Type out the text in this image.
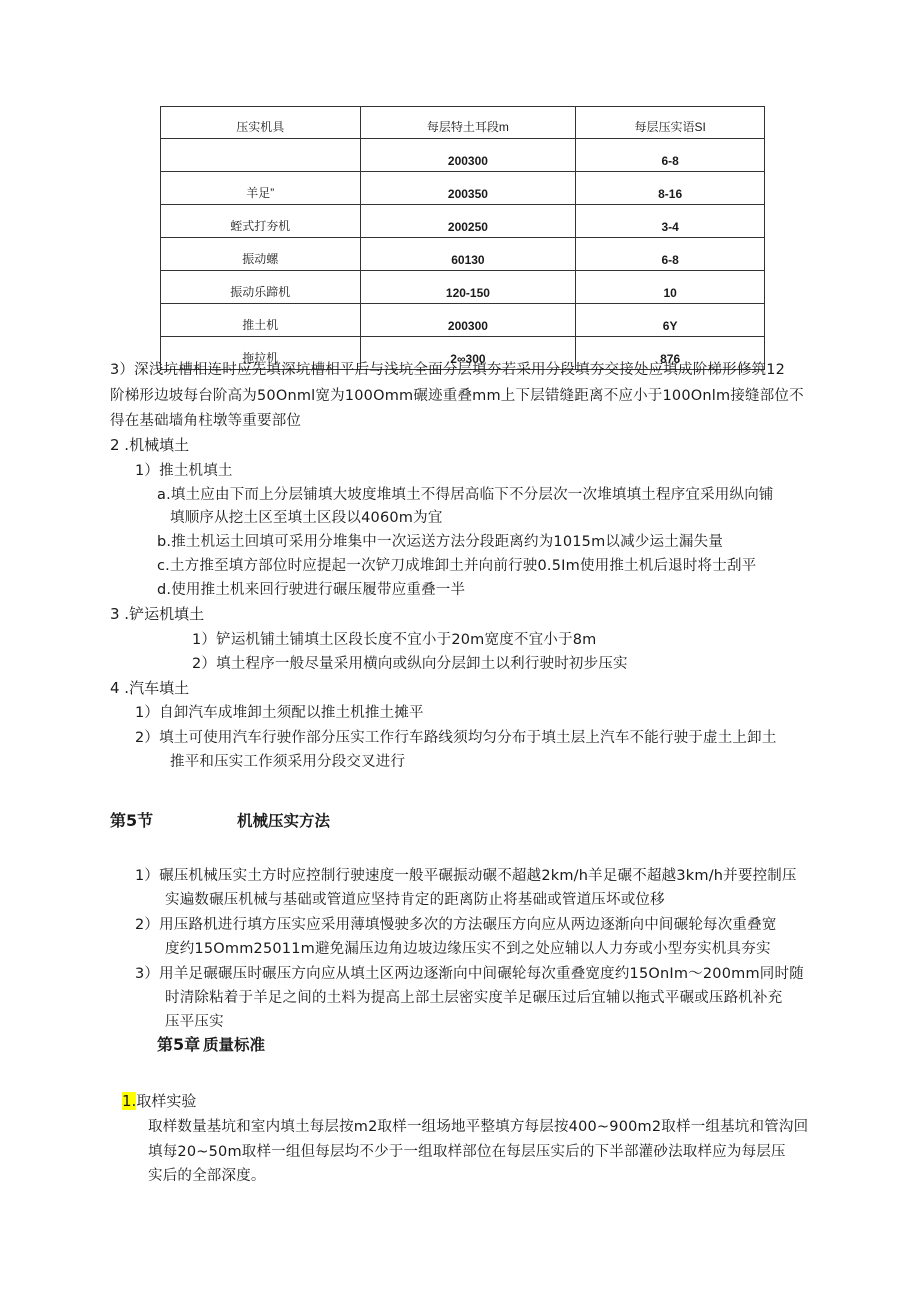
压实机具	每层特土耳段m	每层压实语SI
	200300	6-8
羊足”	200350	8-16
蛭式打夯机	200250	3-4
振动螺	60130	6-8
振动乐蹄机	120-150	10
推土机	200300	6Y
拖拉机	2∞300	876
3）深浅坑槽相连时应先填深坑槽相平后与浅坑全面分层填夯若采用分段填夯交接处应填成阶梯形修筑12
阶梯形边坡每台阶高为50Onml宽为100Omm碾迹重叠mm上下层错缝距离不应小于100Onlm接缝部位不
得在基础墙角柱墩等重要部位
2 .机械填土
1）推土机填土
a.填土应由下而上分层铺填大坡度堆填土不得居高临下不分层次一次堆填填土程序宜采用纵向铺
填顺序从挖土区至填土区段以4060m为宜
b.推土机运土回填可采用分堆集中一次运送方法分段距离约为1015m以减少运土漏失量
c.土方推至填方部位时应提起一次铲刀成堆卸土并向前行驶0.5Im使用推土机后退时将士刮平
d.使用推土机来回行驶进行碾压履带应重叠一半
3 .铲运机填土
1）铲运机铺土铺填土区段长度不宜小于20m宽度不宜小于8m
2）填土程序一般尽量采用横向或纵向分层卸土以利行驶时初步压实
4 .汽车填土
1）自卸汽车成堆卸土须配以推土机推土摊平
2）填土可使用汽车行驶作部分压实工作行车路线须均匀分布于填土层上汽车不能行驶于虚土上卸土
推平和压实工作须采用分段交叉进行
第5节	机械压实方法
1）碾压机械压实土方时应控制行驶速度一般平碾振动碾不超越2km/h羊足碾不超越3km/h并要控制压
实遍数碾压机械与基础或管道应坚持肯定的距离防止将基础或管道压坏或位移
2）用压路机进行填方压实应采用薄填慢驶多次的方法碾压方向应从两边逐渐向中间碾轮每次重叠宽
度约15Omm25011m避免漏压边角边坡边缘压实不到之处应辅以人力夯或小型夯实机具夯实
3）用羊足碾碾压时碾压方向应从填土区两边逐渐向中间碾轮每次重叠宽度约15OnIm～200mm同时随
时清除粘着于羊足之间的土料为提高上部土层密实度羊足碾压过后宜辅以拖式平碾或压路机补充
压平压实
第5章 质量标准
1.取样实验
取样数量基坑和室内填土每层按m2取样一组场地平整填方每层按400~900m2取样一组基坑和管沟回
填每20~50m取样一组但每层均不少于一组取样部位在每层压实后的下半部灌砂法取样应为每层压
实后的全部深度。
